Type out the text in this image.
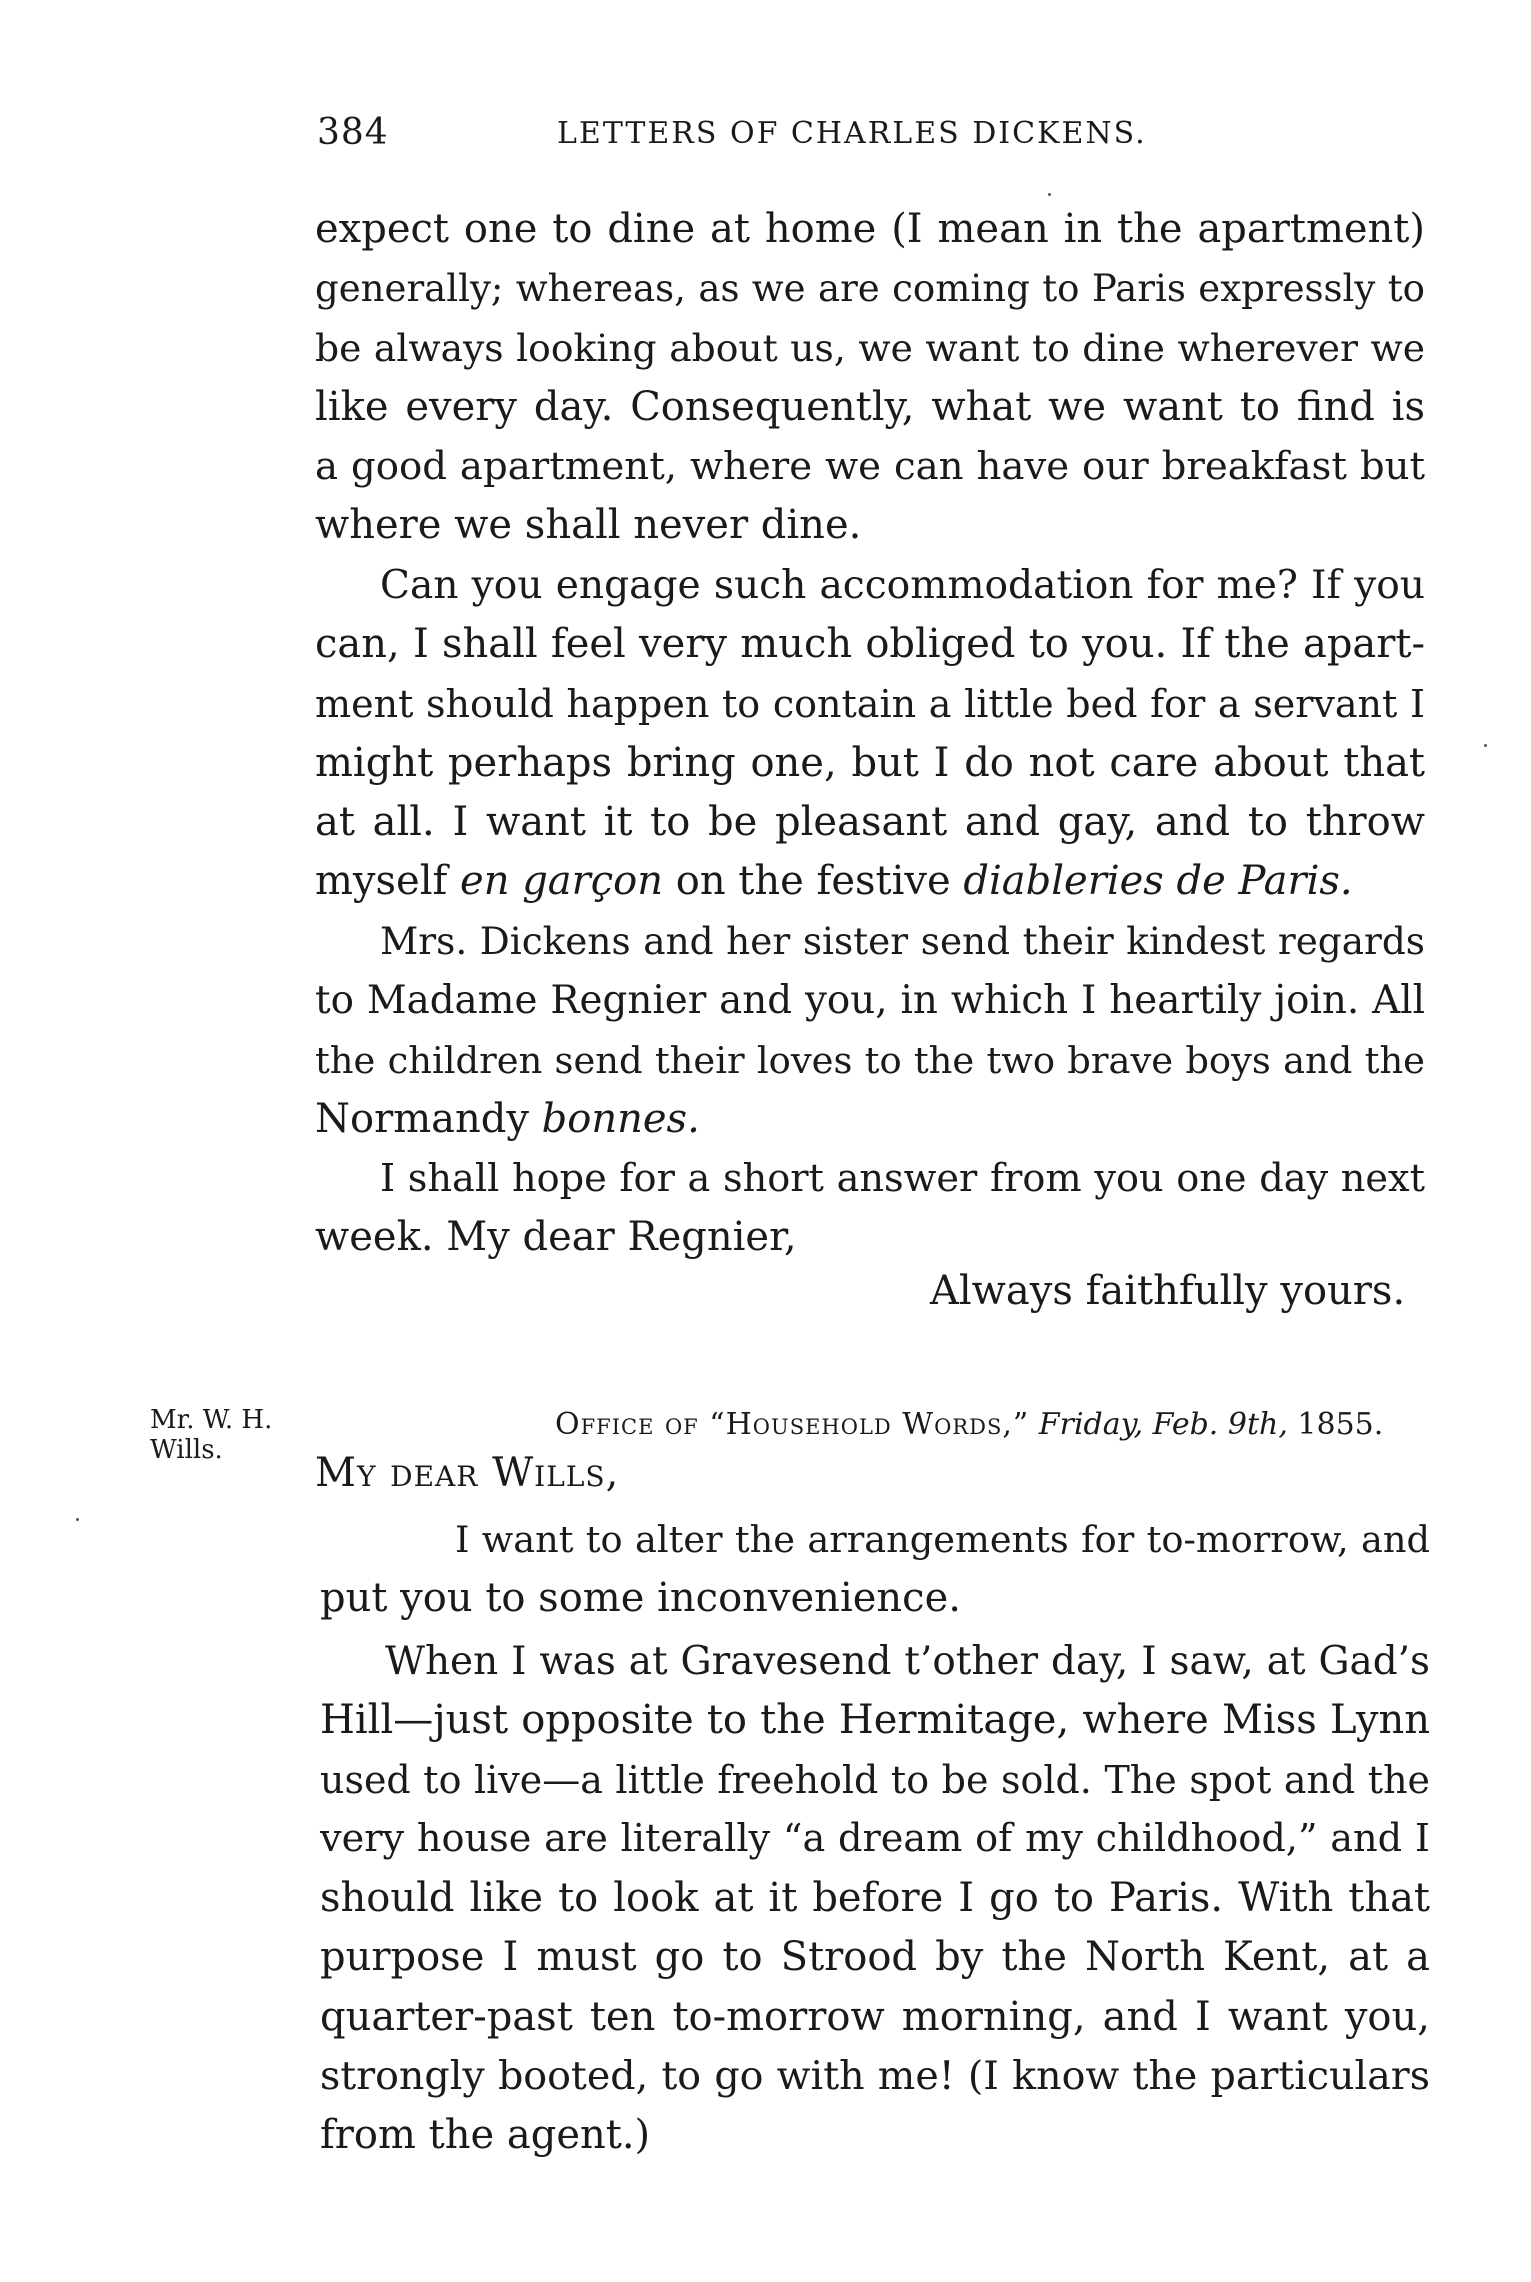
384	LETTERS OF CHARLES DICKENS.
expect one to dine at home (I mean in the apartment)
generally; whereas, as we are coming to Paris expressly to
be always looking about us, we want to dine wherever we
like every day. Consequently, what we want to find is
a good apartment, where we can have our breakfast but
where we shall never dine.
Can you engage such accommodation for me? If you
can, I shall feel very much obliged to you. If the apart-
ment should happen to contain a little bed for a servant I
might perhaps bring one, but I do not care about that
at all. I want it to be pleasant and gay, and to throw
myself en garçon on the festive diableries de Paris.
Mrs. Dickens and her sister send their kindest regards
to Madame Regnier and you, in which I heartily join. All
the children send their loves to the two brave boys and the
Normandy bonnes.
I shall hope for a short answer from you one day next
week. My dear Regnier,
Always faithfully yours.
Mr. W. H.
Wills.
Office of “Household Words,” Friday, Feb. 9th, 1855.
My dear Wills,
I want to alter the arrangements for to-morrow, and
put you to some inconvenience.
When I was at Gravesend t’other day, I saw, at Gad’s
Hill—just opposite to the Hermitage, where Miss Lynn
used to live—a little freehold to be sold. The spot and the
very house are literally “a dream of my childhood,” and I
should like to look at it before I go to Paris. With that
purpose I must go to Strood by the North Kent, at a
quarter-past ten to-morrow morning, and I want you,
strongly booted, to go with me! (I know the particulars
from the agent.)
